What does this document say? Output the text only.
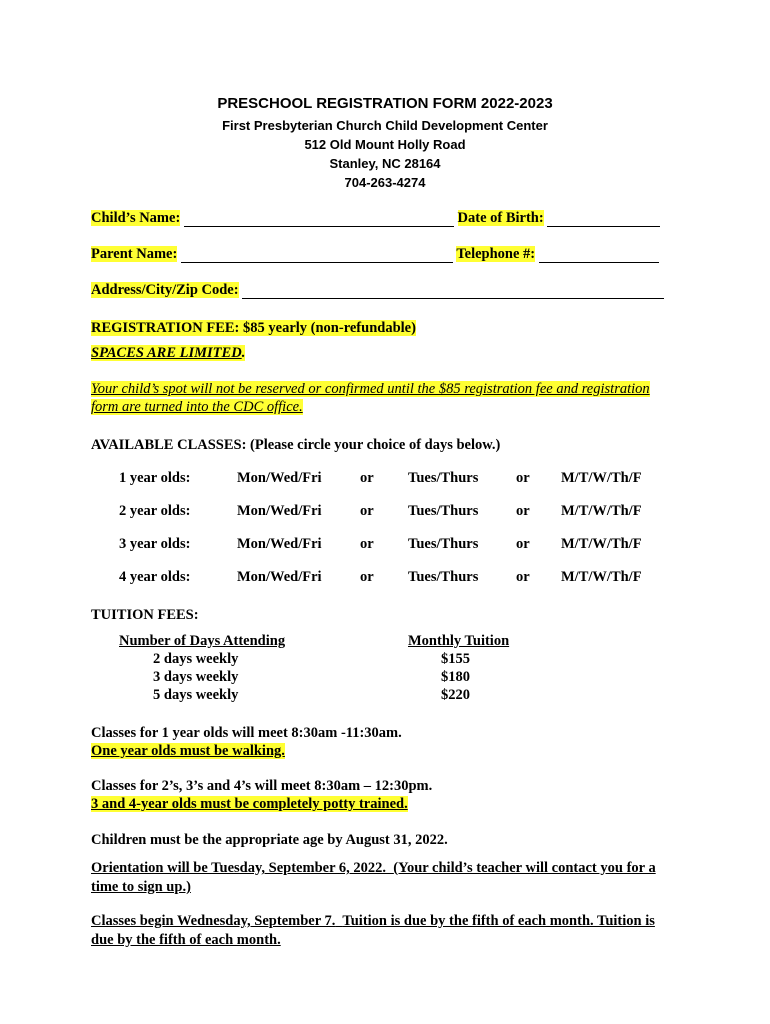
PRESCHOOL REGISTRATION FORM 2022-2023
First Presbyterian Church Child Development Center
512 Old Mount Holly Road
Stanley, NC 28164
704-263-4274
Child’s Name:	Date of Birth:
Parent Name:	Telephone #:
Address/City/Zip Code:
REGISTRATION FEE: $85 yearly (non-refundable)
SPACES ARE LIMITED.
Your child’s spot will not be reserved or confirmed until the $85 registration fee and registration
form are turned into the CDC office.
AVAILABLE CLASSES: (Please circle your choice of days below.)
1 year olds:	Mon/Wed/Fri	or Tues/Thurs	or M/T/W/Th/F
2 year olds:	Mon/Wed/Fri	or Tues/Thurs	or M/T/W/Th/F
3 year olds:	Mon/Wed/Fri	or Tues/Thurs	or M/T/W/Th/F
4 year olds:	Mon/Wed/Fri	or Tues/Thurs	or M/T/W/Th/F
TUITION FEES:
Number of Days Attending	Monthly Tuition
2 days weekly	$155
3 days weekly	$180
5 days weekly	$220
Classes for 1 year olds will meet 8:30am -11:30am.
One year olds must be walking.
Classes for 2’s, 3’s and 4’s will meet 8:30am – 12:30pm.
3 and 4-year olds must be completely potty trained.
Children must be the appropriate age by August 31, 2022.
Orientation will be Tuesday, September 6, 2022. (Your child’s teacher will contact you for a time to sign up.)
Classes begin Wednesday, September 7. Tuition is due by the fifth of each month. Tuition is due by the fifth of each month.
